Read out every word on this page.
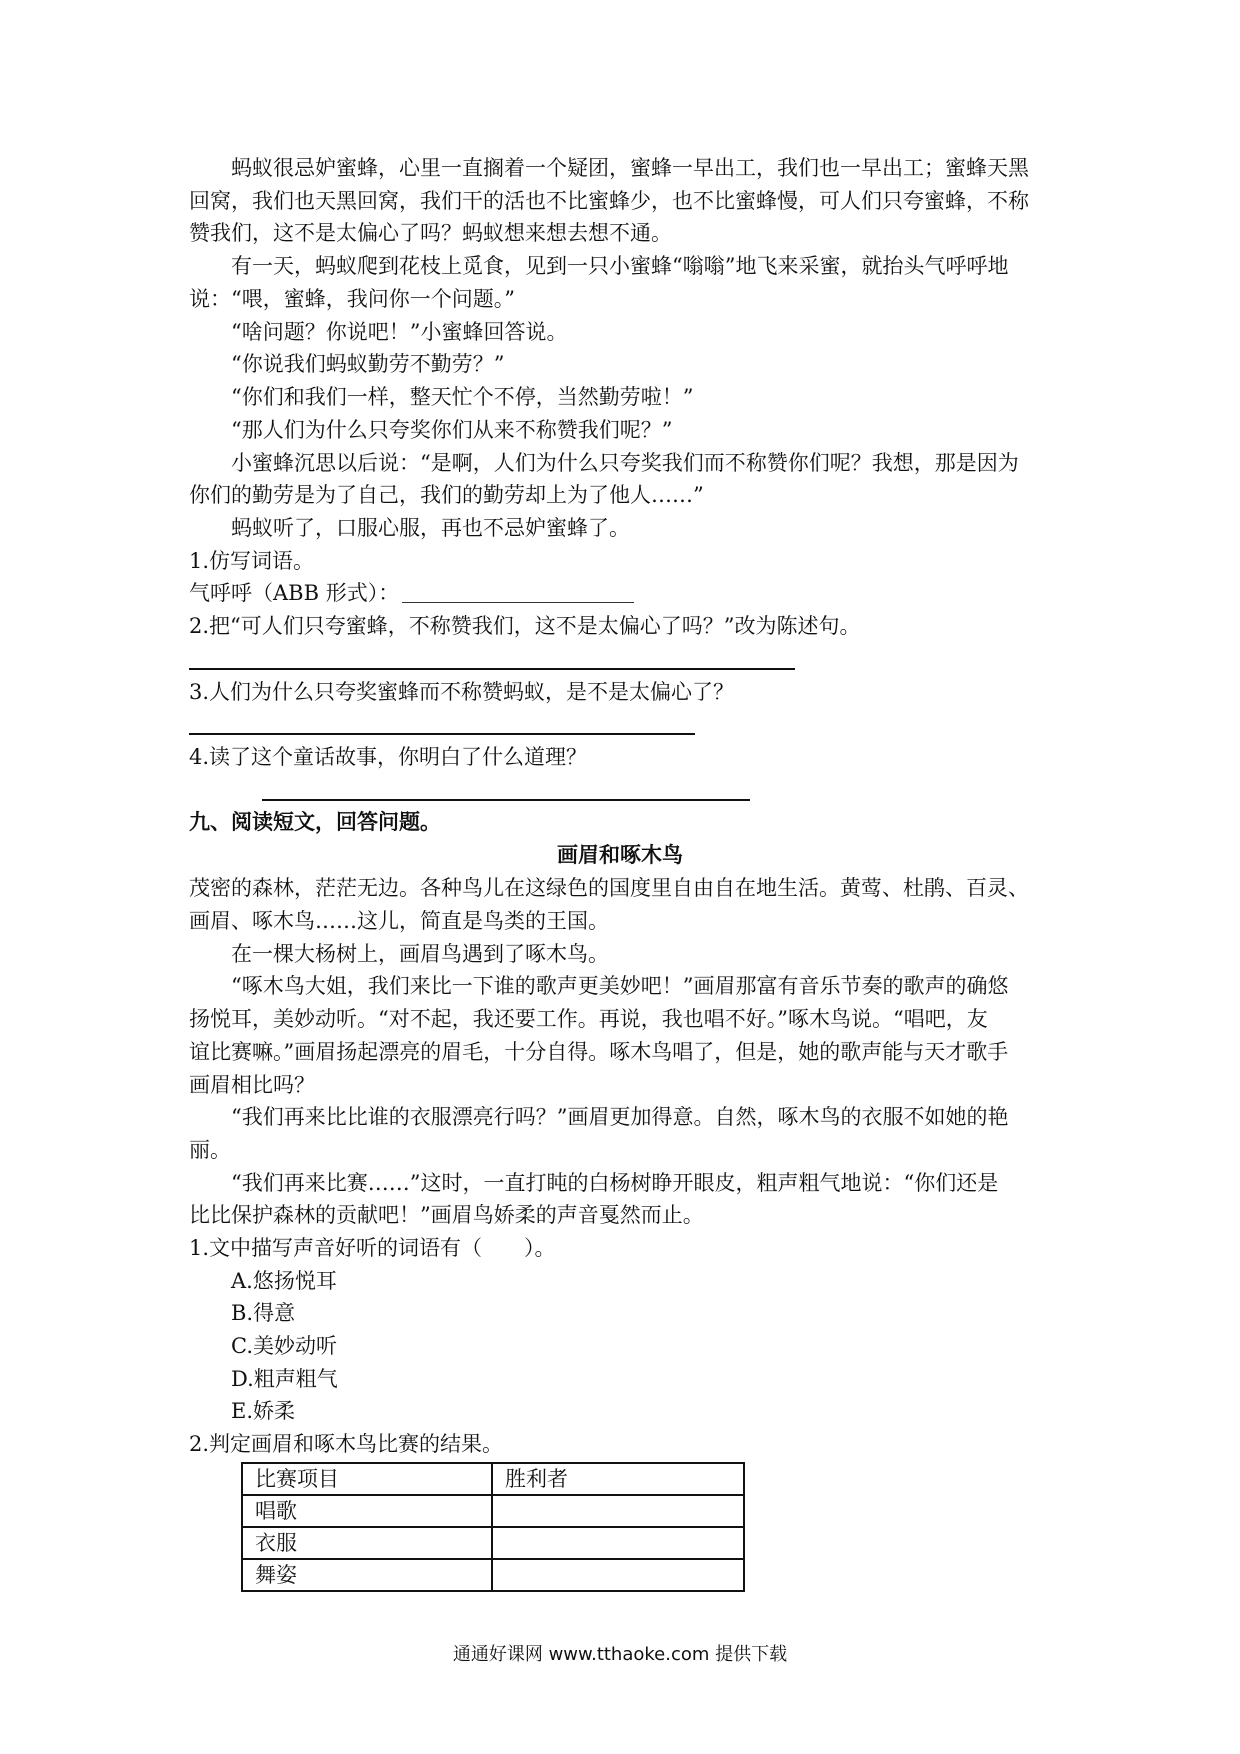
蚂蚁很忌妒蜜蜂，心里一直搁着一个疑团，蜜蜂一早出工，我们也一早出工；蜜蜂天黑
回窝，我们也天黑回窝，我们干的活也不比蜜蜂少，也不比蜜蜂慢，可人们只夸蜜蜂，不称
赞我们，这不是太偏心了吗？蚂蚁想来想去想不通。
有一天，蚂蚁爬到花枝上觅食，见到一只小蜜蜂“嗡嗡”地飞来采蜜，就抬头气呼呼地
说：“喂，蜜蜂，我问你一个问题。”
“啥问题？你说吧！”小蜜蜂回答说。
“你说我们蚂蚁勤劳不勤劳？”
“你们和我们一样，整天忙个不停，当然勤劳啦！”
“那人们为什么只夸奖你们从来不称赞我们呢？”
小蜜蜂沉思以后说：“是啊，人们为什么只夸奖我们而不称赞你们呢？我想，那是因为
你们的勤劳是为了自己，我们的勤劳却上为了他人……”
蚂蚁听了，口服心服，再也不忌妒蜜蜂了。
1.仿写词语。
气呼呼（ABB 形式）：
2.把“可人们只夸蜜蜂，不称赞我们，这不是太偏心了吗？”改为陈述句。
3.人们为什么只夸奖蜜蜂而不称赞蚂蚁，是不是太偏心了？
4.读了这个童话故事，你明白了什么道理？
九、阅读短文，回答问题。
画眉和啄木鸟
茂密的森林，茫茫无边。各种鸟儿在这绿色的国度里自由自在地生活。黄莺、杜鹃、百灵、
画眉、啄木鸟……这儿，简直是鸟类的王国。
在一棵大杨树上，画眉鸟遇到了啄木鸟。
“啄木鸟大姐，我们来比一下谁的歌声更美妙吧！”画眉那富有音乐节奏的歌声的确悠
扬悦耳，美妙动听。“对不起，我还要工作。再说，我也唱不好。”啄木鸟说。“唱吧，友
谊比赛嘛。”画眉扬起漂亮的眉毛，十分自得。啄木鸟唱了，但是，她的歌声能与天才歌手
画眉相比吗？
“我们再来比比谁的衣服漂亮行吗？”画眉更加得意。自然，啄木鸟的衣服不如她的艳
丽。
“我们再来比赛……”这时，一直打盹的白杨树睁开眼皮，粗声粗气地说：“你们还是
比比保护森林的贡献吧！”画眉鸟娇柔的声音戛然而止。
1.文中描写声音好听的词语有（　　）。
A.悠扬悦耳
B.得意
C.美妙动听
D.粗声粗气
E.娇柔
2.判定画眉和啄木鸟比赛的结果。
比赛项目	胜利者
唱歌	
衣服	
舞姿	
通通好课网 www.tthaoke.com 提供下载
